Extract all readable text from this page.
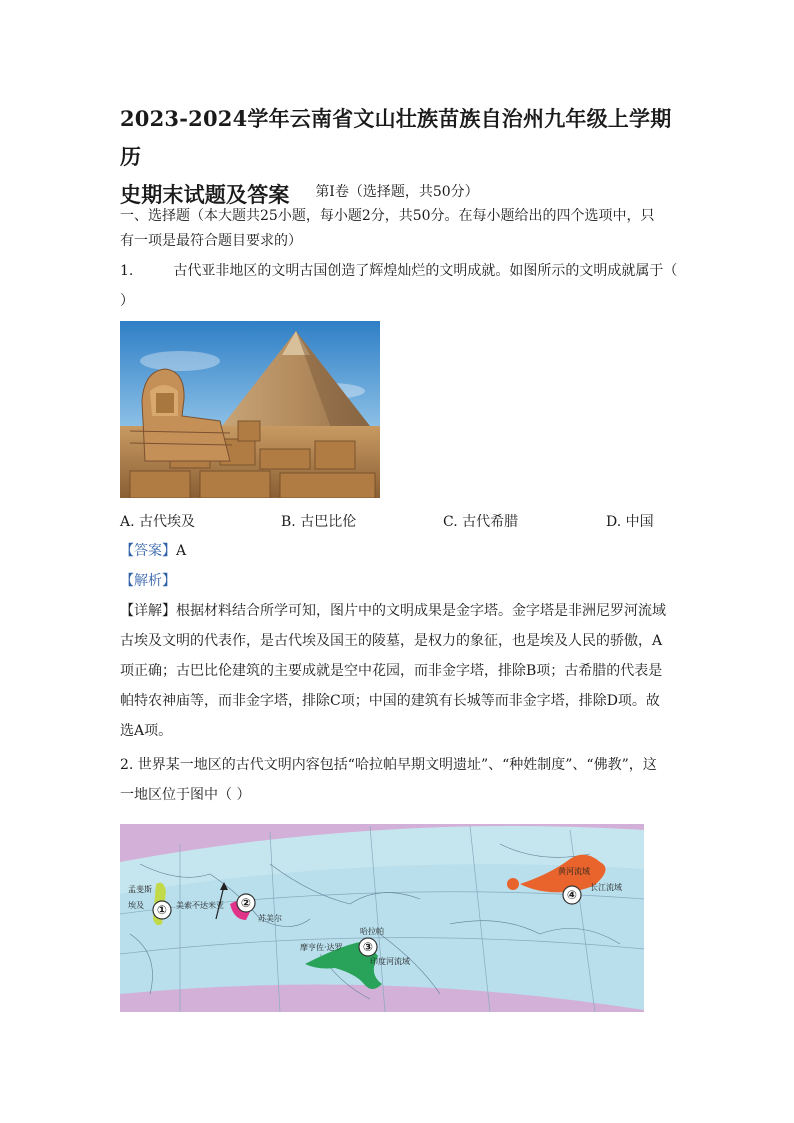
2023-2024学年云南省文山壮族苗族自治州九年级上学期历
史期末试题及答案	第Ⅰ卷（选择题，共50分）
一、选择题（本大题共25小题，每小题2分，共50分。在每小题给出的四个选项中，只
有一项是最符合题目要求的）
1.	古代亚非地区的文明古国创造了辉煌灿烂的文明成就。如图所示的文明成就属于（
）
A. 古代埃及	B. 古巴比伦	C. 古代希腊	D. 中国
【答案】A
【解析】
【详解】根据材料结合所学可知，图片中的文明成果是金字塔。金字塔是非洲尼罗河流域
古埃及文明的代表作，是古代埃及国王的陵墓，是权力的象征，也是埃及人民的骄傲，A
项正确；古巴比伦建筑的主要成就是空中花园，而非金字塔，排除B项；古希腊的代表是
帕特农神庙等，而非金字塔，排除C项；中国的建筑有长城等而非金字塔，排除D项。故
选A项。
2. 世界某一地区的古代文明内容包括“哈拉帕早期文明遗址”、“种姓制度”、“佛教”，这
一地区位于图中（ ）
①	②
③
④
孟斐斯
埃及	美索不达米亚
苏美尔
哈拉帕
摩亨佐·达罗
印度河流域
黄河流域
长江流域
